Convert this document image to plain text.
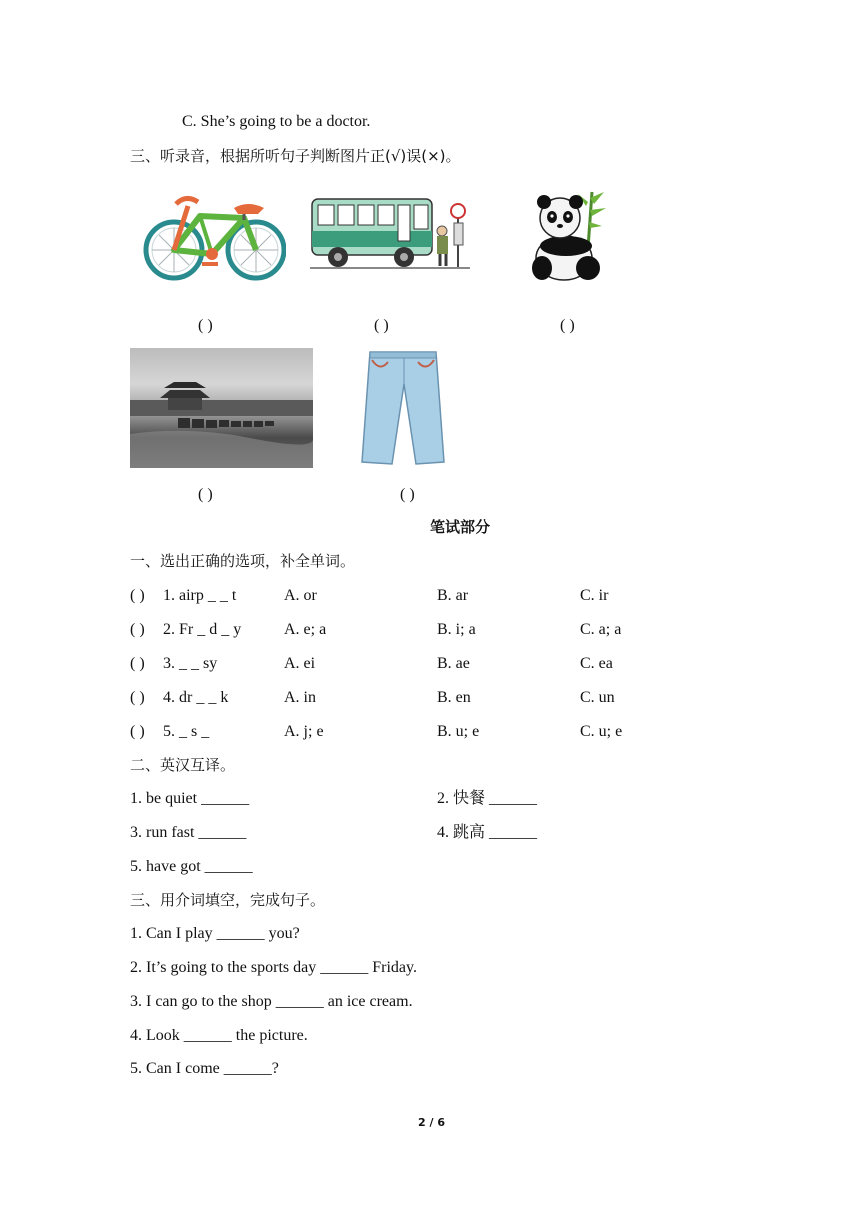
C. She’s going to be a doctor.
三、听录音，根据所听句子判断图片正(√)误(×)。
( )	( )	( )
( )	( )
笔试部分
一、选出正确的选项，补全单词。
( ) 1. airp _ _ t	A. or	B. ar	C. ir
( ) 2. Fr _ d _ y	A. e; a	B. i; a	C. a; a
( ) 3. _ _ sy	A. ei	B. ae	C. ea
( ) 4. dr _ _ k	A. in	B. en	C. un
( ) 5. _ s _	A. j; e	B. u; e	C. u; e
二、英汉互译。
1. be quiet ______	2. 快餐 ______
3. run fast ______	4. 跳高 ______
5. have got ______
三、用介词填空，完成句子。
1. Can I play ______ you?
2. It’s going to the sports day ______ Friday.
3. I can go to the shop ______ an ice cream.
4. Look ______ the picture.
5. Can I come ______?
2 / 6
